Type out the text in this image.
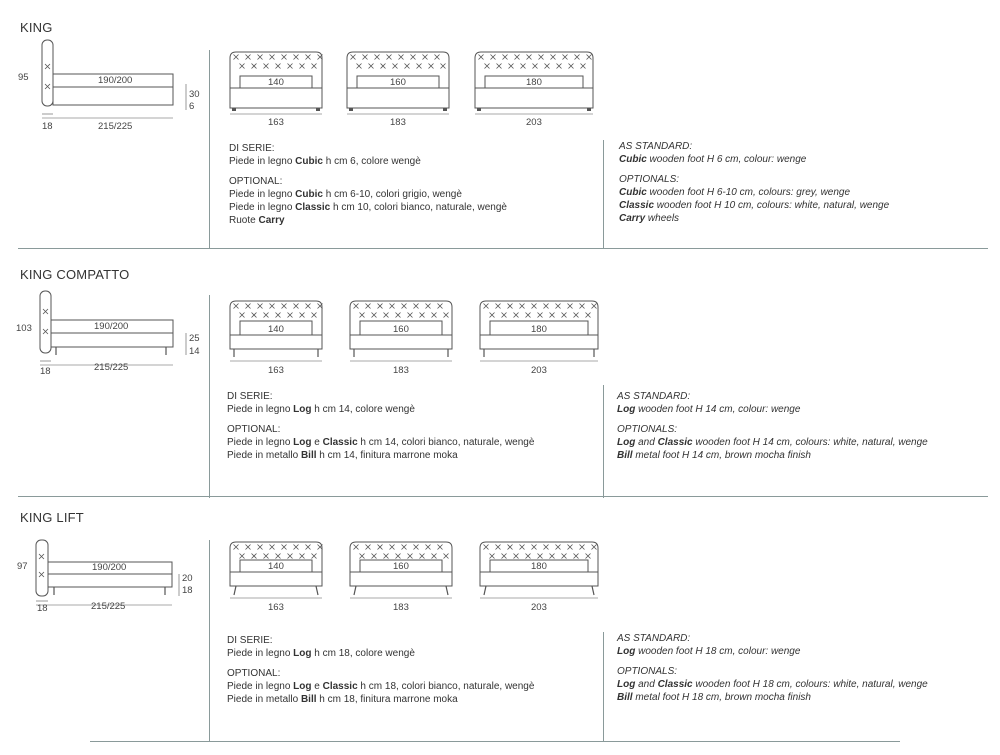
KING
95	190/200
215/225
18
30
6
140
163
160
183
180
203
DI SERIE:
Piede in legno Cubic h cm 6, colore wengè
OPTIONAL:
Piede in legno Cubic h cm 6-10, colori grigio, wengè
Piede in legno Classic h cm 10, colori bianco, naturale, wengè
Ruote Carry
AS STANDARD:
Cubic wooden foot H 6 cm, colour: wenge
OPTIONALS:
Cubic wooden foot H 6-10 cm, colours: grey, wenge
Classic wooden foot H 10 cm, colours: white, natural, wenge
Carry wheels
KING COMPATTO
103	190/200
215/225
18
25
14
140
163
160
183
180
203
DI SERIE:
Piede in legno Log h cm 14, colore wengè
OPTIONAL:
Piede in legno Log e Classic h cm 14, colori bianco, naturale, wengè
Piede in metallo Bill h cm 14, finitura marrone moka
AS STANDARD:
Log wooden foot H 14 cm, colour: wenge
OPTIONALS:
Log and Classic wooden foot H 14 cm, colours: white, natural, wenge
Bill metal foot H 14 cm, brown mocha finish
KING LIFT
97	190/200
215/225
18
20
18
140
163
160
183
180
203
DI SERIE:
Piede in legno Log h cm 18, colore wengè
OPTIONAL:
Piede in legno Log e Classic h cm 18, colori bianco, naturale, wengè
Piede in metallo Bill h cm 18, finitura marrone moka
AS STANDARD:
Log wooden foot H 18 cm, colour: wenge
OPTIONALS:
Log and Classic wooden foot H 18 cm, colours: white, natural, wenge
Bill metal foot H 18 cm, brown mocha finish
